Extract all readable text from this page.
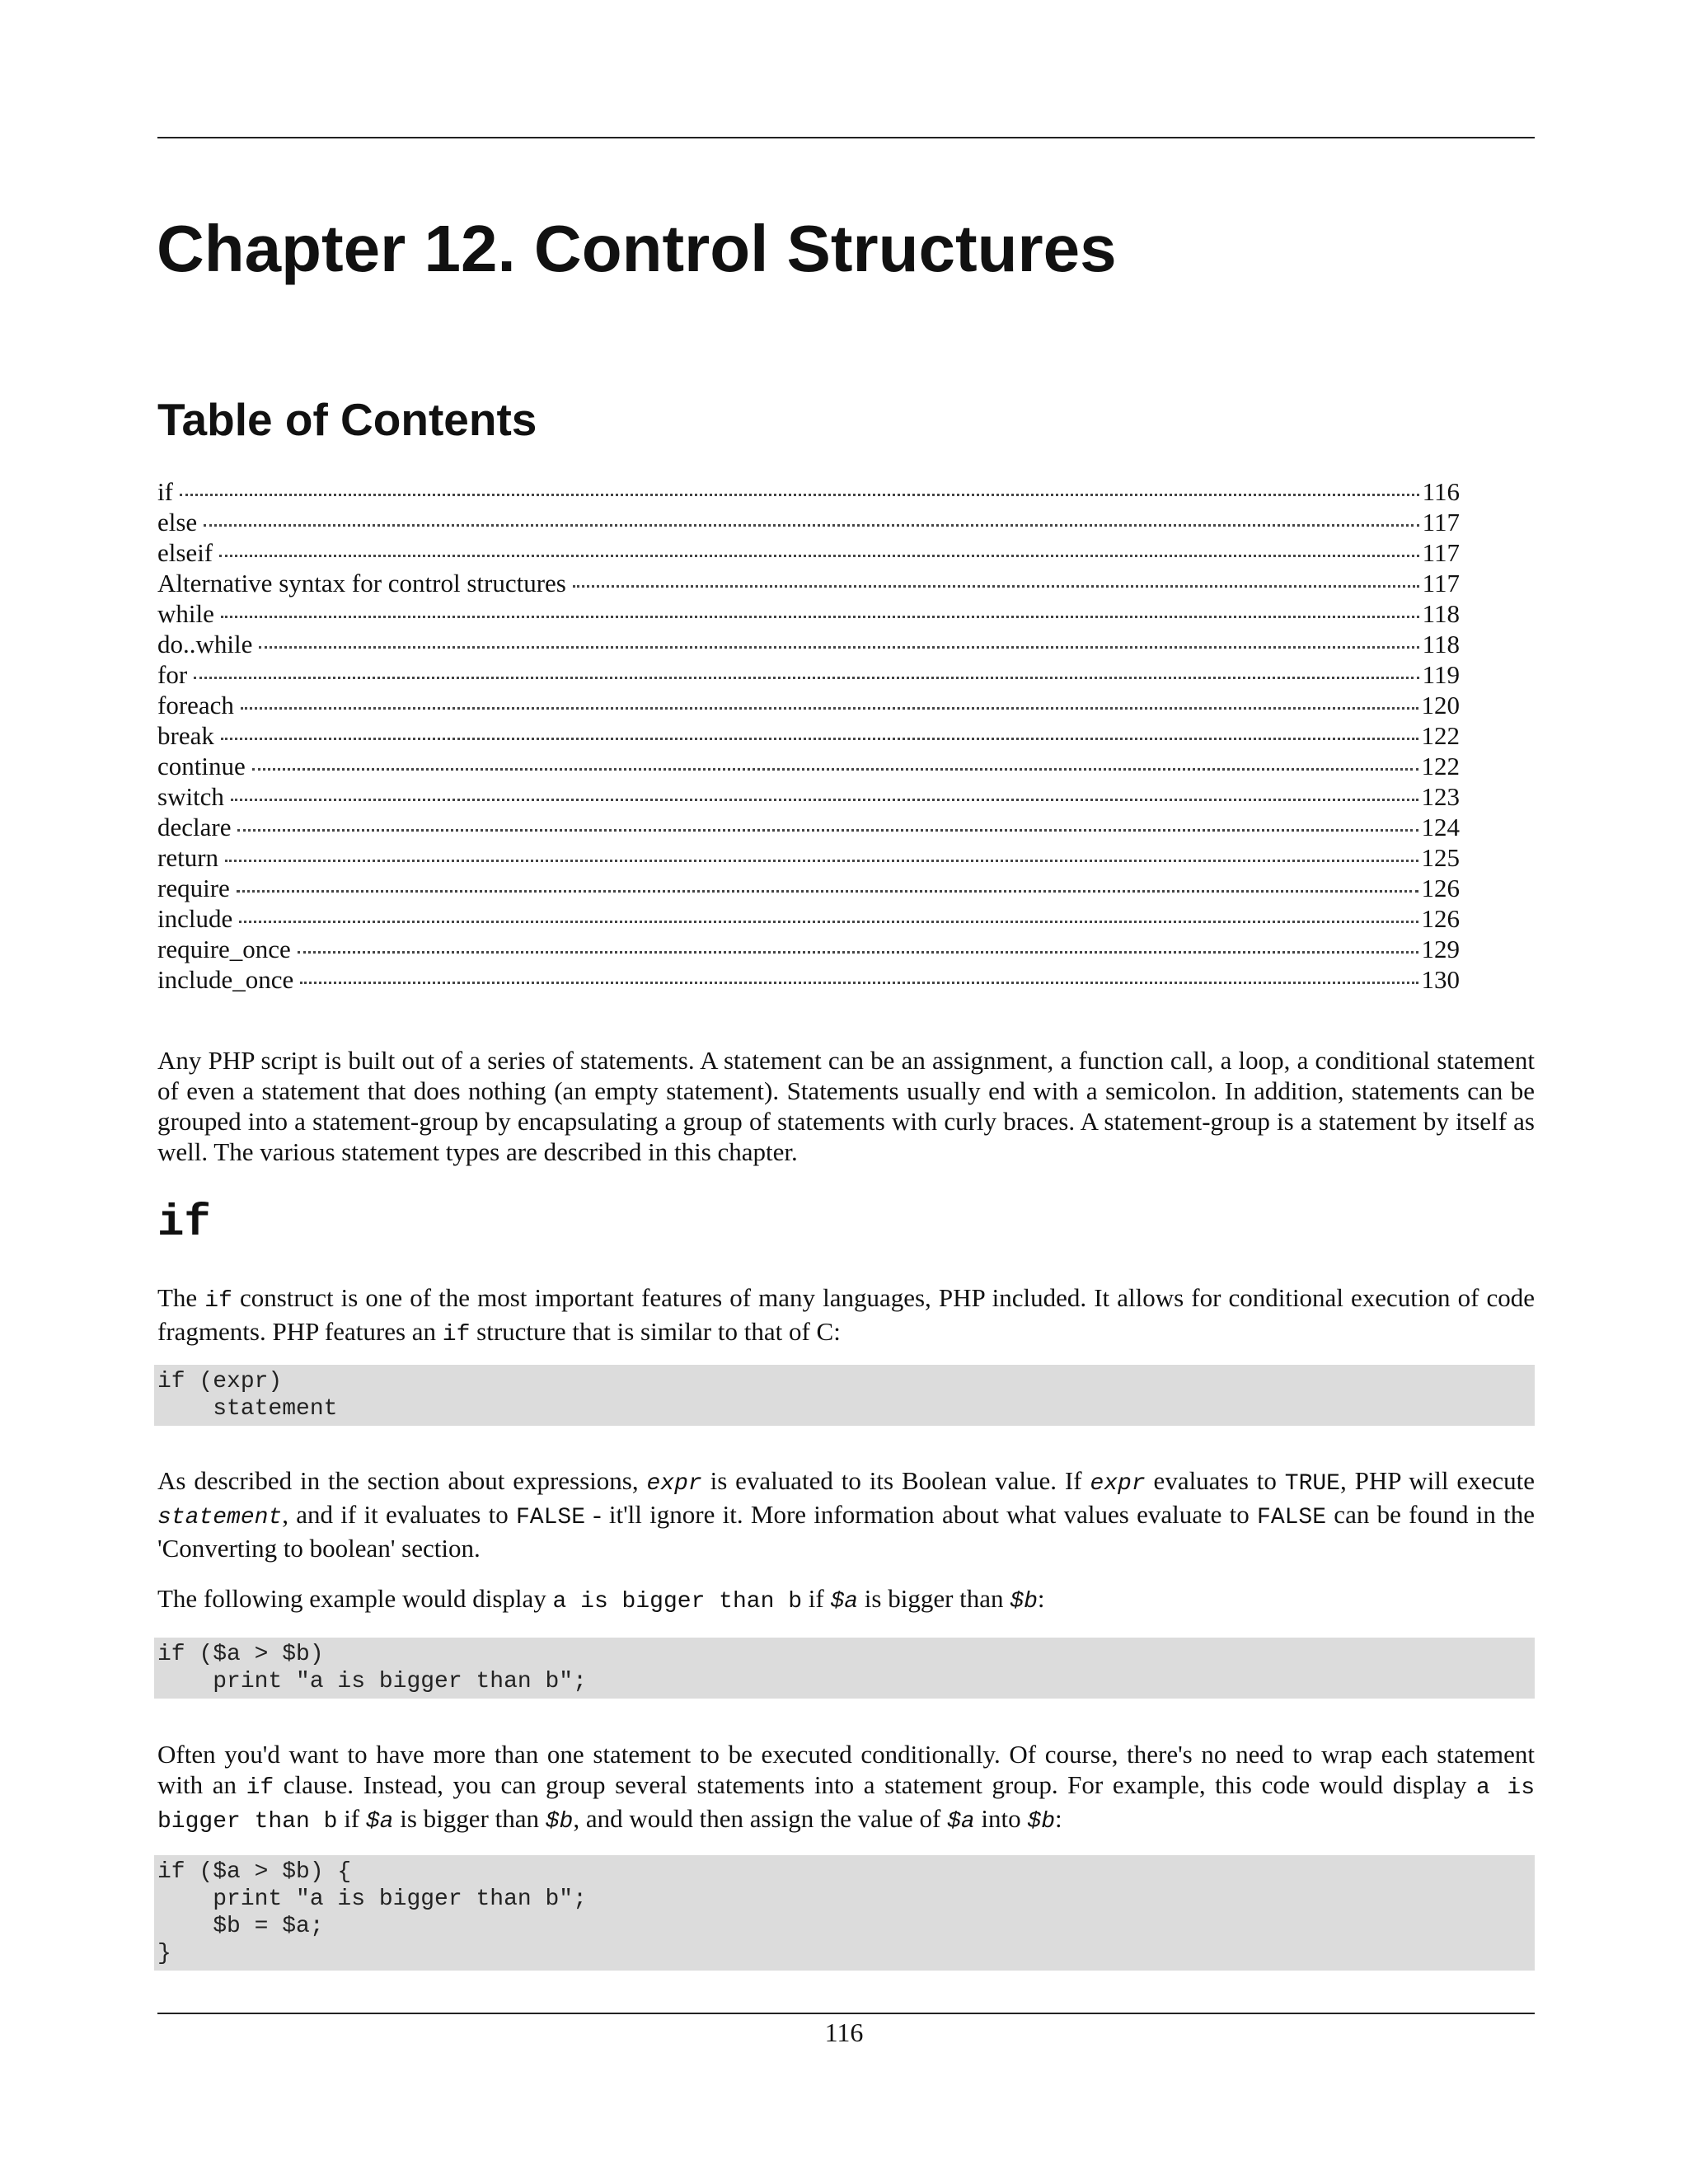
Chapter 12. Control Structures
Table of Contents
if	116
else	117
elseif	117
Alternative syntax for control structures	117
while	118
do..while	118
for	119
foreach	120
break	122
continue	122
switch	123
declare	124
return	125
require	126
include	126
require_once	129
include_once	130

Any PHP script is built out of a series of statements. A statement can be an assignment, a function call, a loop, a conditional statement of even a statement that does nothing (an empty statement). Statements usually end with a semicolon. In addition, statements can be grouped into a statement-group by encapsulating a group of statements with curly braces. A statement-group is a statement by itself as well. The various statement types are described in this chapter.

if

The if construct is one of the most important features of many languages, PHP included. It allows for conditional execution of code fragments. PHP features an if structure that is similar to that of C:

if (expr)
statement

As described in the section about expressions, expr is evaluated to its Boolean value. If expr evaluates to TRUE, PHP will execute statement, and if it evaluates to FALSE - it'll ignore it. More information about what values evaluate to FALSE can be found in the 'Converting to boolean' section.

The following example would display a is bigger than b if $a is bigger than $b:

if ($a > $b)
print "a is bigger than b";

Often you'd want to have more than one statement to be executed conditionally. Of course, there's no need to wrap each statement with an if clause. Instead, you can group several statements into a statement group. For example, this code would display a is bigger than b if $a is bigger than $b, and would then assign the value of $a into $b:

if ($a > $b) {
print "a is bigger than b";
$b = $a;
}
116
